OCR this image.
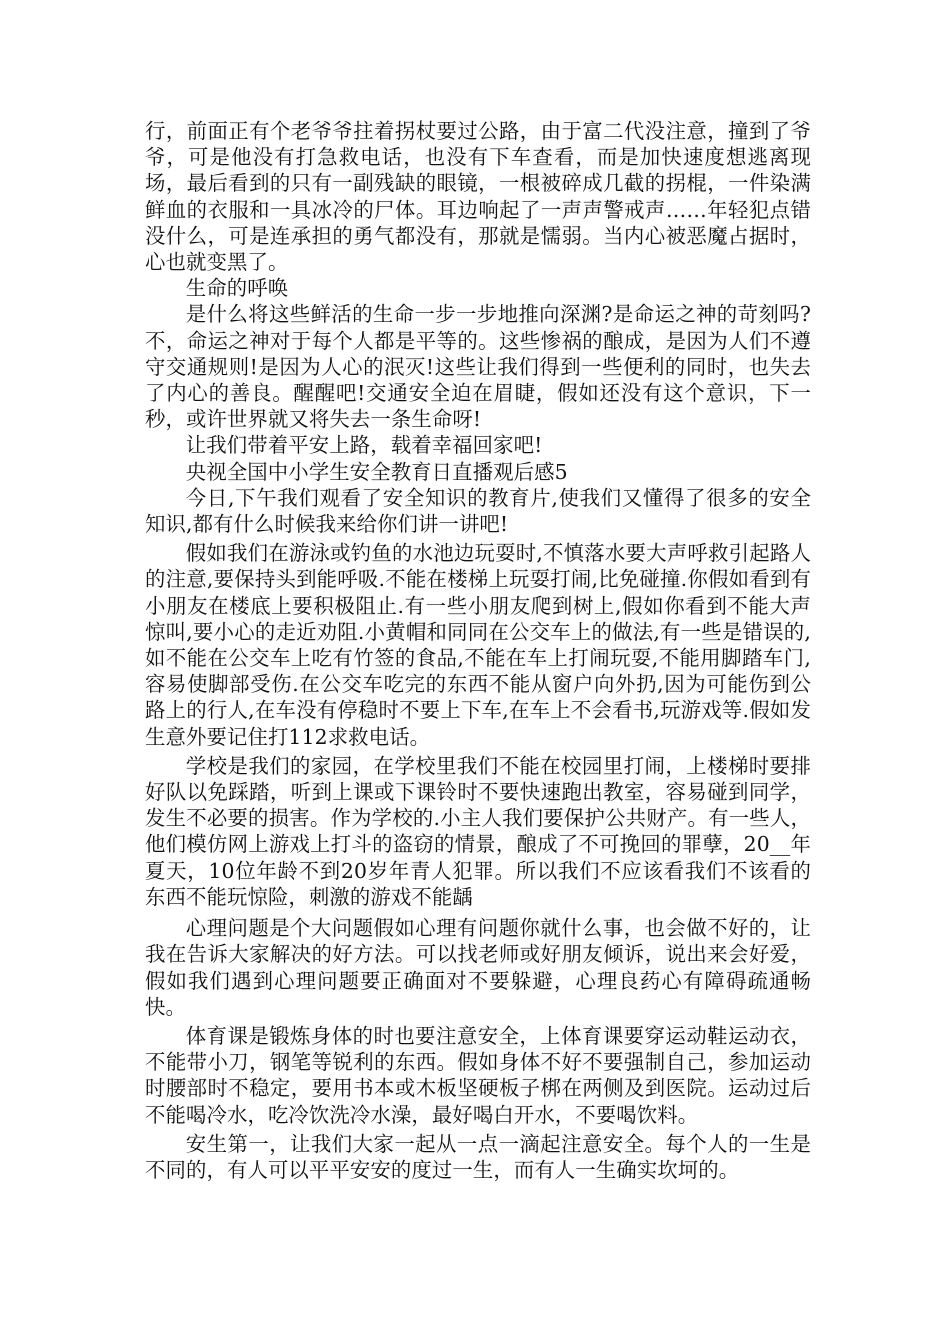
行，前面正有个老爷爷拄着拐杖要过公路，由于富二代没注意，撞到了爷爷，可是他没有打急救电话，也没有下车查看，而是加快速度想逃离现场，最后看到的只有一副残缺的眼镜，一根被碎成几截的拐棍，一件染满鲜血的衣服和一具冰冷的尸体。耳边响起了一声声警戒声……年轻犯点错没什么，可是连承担的勇气都没有，那就是懦弱。当内心被恶魔占据时，心也就变黑了。

生命的呼唤

是什么将这些鲜活的生命一步一步地推向深渊?是命运之神的苛刻吗?不，命运之神对于每个人都是平等的。这些惨祸的酿成，是因为人们不遵守交通规则!是因为人心的泯灭!这些让我们得到一些便利的同时，也失去了内心的善良。醒醒吧!交通安全迫在眉睫，假如还没有这个意识，下一秒，或许世界就又将失去一条生命呀!

让我们带着平安上路，载着幸福回家吧!

央视全国中小学生安全教育日直播观后感5

今日,下午我们观看了安全知识的教育片,使我们又懂得了很多的安全知识,都有什么时候我来给你们讲一讲吧!

假如我们在游泳或钓鱼的水池边玩耍时,不慎落水要大声呼救引起路人的注意,要保持头到能呼吸.不能在楼梯上玩耍打闹,比免碰撞.你假如看到有小朋友在楼底上要积极阻止.有一些小朋友爬到树上,假如你看到不能大声惊叫,要小心的走近劝阻.小黄帽和同同在公交车上的做法,有一些是错误的,如不能在公交车上吃有竹签的食品,不能在车上打闹玩耍,不能用脚踏车门,容易使脚部受伤.在公交车吃完的东西不能从窗户向外扔,因为可能伤到公路上的行人,在车没有停稳时不要上下车,在车上不会看书,玩游戏等.假如发生意外要记住打112求救电话。

学校是我们的家园，在学校里我们不能在校园里打闹，上楼梯时要排好队以免踩踏，听到上课或下课铃时不要快速跑出教室，容易碰到同学，发生不必要的损害。作为学校的.小主人我们要保护公共财产。有一些人，他们模仿网上游戏上打斗的盗窃的情景，酿成了不可挽回的罪孽，20__年夏天，10位年龄不到20岁年青人犯罪。所以我们不应该看我们不该看的东西不能玩惊险，刺激的游戏不能龋

心理问题是个大问题假如心理有问题你就什么事，也会做不好的，让我在告诉大家解决的好方法。可以找老师或好朋友倾诉，说出来会好爱，假如我们遇到心理问题要正确面对不要躲避，心理良药心有障碍疏通畅快。

体育课是锻炼身体的时也要注意安全，上体育课要穿运动鞋运动衣，不能带小刀，钢笔等锐利的东西。假如身体不好不要强制自己，参加运动时腰部时不稳定，要用书本或木板坚硬板子梆在两侧及到医院。运动过后不能喝冷水，吃冷饮洗冷水澡，最好喝白开水，不要喝饮料。

安生第一，让我们大家一起从一点一滴起注意安全。每个人的一生是不同的，有人可以平平安安的度过一生，而有人一生确实坎坷的。
